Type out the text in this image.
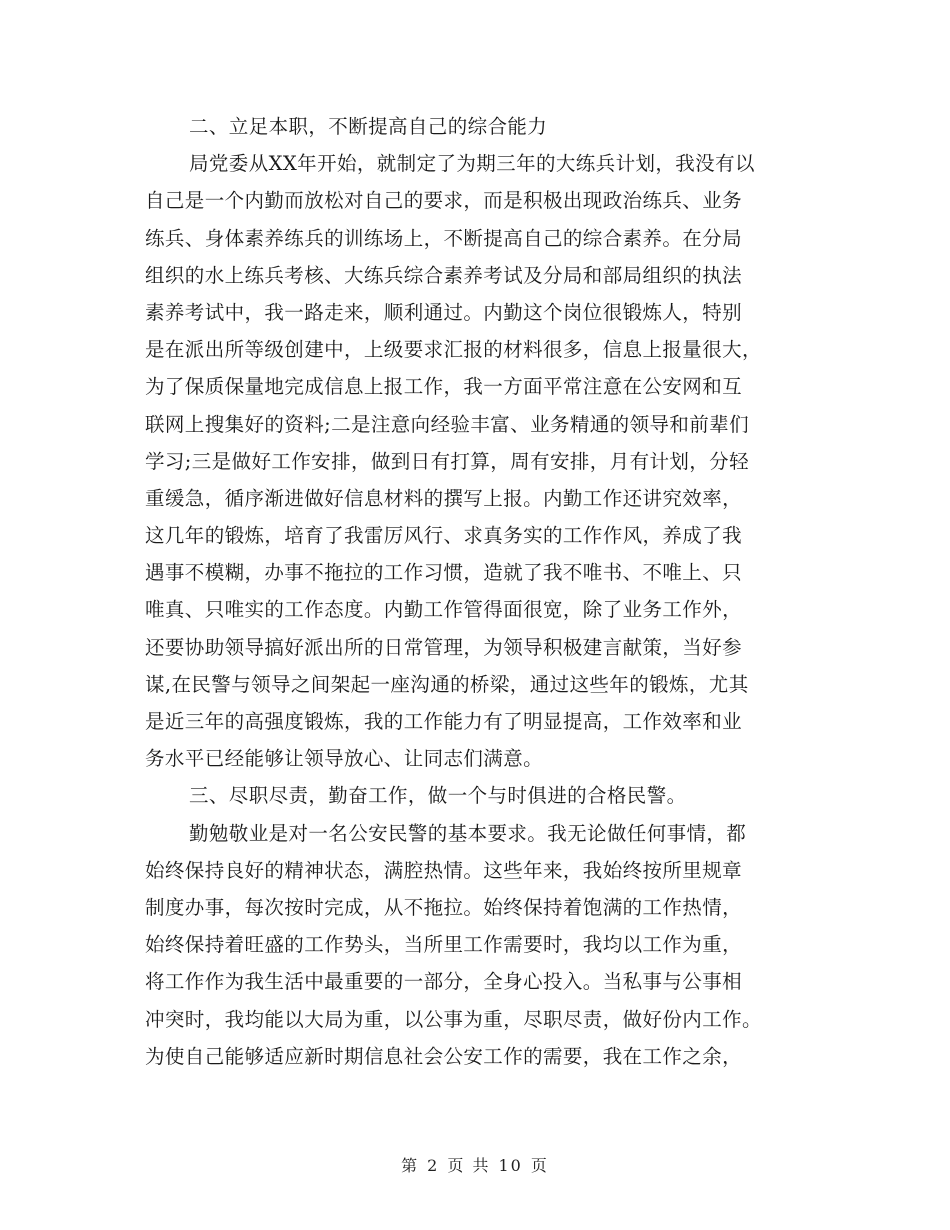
二、立足本职，不断提高自己的综合能力
局党委从XX年开始，就制定了为期三年的大练兵计划，我没有以
自己是一个内勤而放松对自己的要求，而是积极出现政治练兵、业务
练兵、身体素养练兵的训练场上，不断提高自己的综合素养。在分局
组织的水上练兵考核、大练兵综合素养考试及分局和部局组织的执法
素养考试中，我一路走来，顺利通过。内勤这个岗位很锻炼人，特别
是在派出所等级创建中，上级要求汇报的材料很多，信息上报量很大，
为了保质保量地完成信息上报工作，我一方面平常注意在公安网和互
联网上搜集好的资料;二是注意向经验丰富、业务精通的领导和前辈们
学习;三是做好工作安排，做到日有打算，周有安排，月有计划，分轻
重缓急，循序渐进做好信息材料的撰写上报。内勤工作还讲究效率，
这几年的锻炼，培育了我雷厉风行、求真务实的工作作风，养成了我
遇事不模糊，办事不拖拉的工作习惯，造就了我不唯书、不唯上、只
唯真、只唯实的工作态度。内勤工作管得面很宽，除了业务工作外，
还要协助领导搞好派出所的日常管理，为领导积极建言献策，当好参
谋,在民警与领导之间架起一座沟通的桥梁，通过这些年的锻炼，尤其
是近三年的高强度锻炼，我的工作能力有了明显提高，工作效率和业
务水平已经能够让领导放心、让同志们满意。
三、尽职尽责，勤奋工作，做一个与时俱进的合格民警。
勤勉敬业是对一名公安民警的基本要求。我无论做任何事情，都
始终保持良好的精神状态，满腔热情。这些年来，我始终按所里规章
制度办事，每次按时完成，从不拖拉。始终保持着饱满的工作热情，
始终保持着旺盛的工作势头，当所里工作需要时，我均以工作为重，
将工作作为我生活中最重要的一部分，全身心投入。当私事与公事相
冲突时，我均能以大局为重，以公事为重，尽职尽责，做好份内工作。
为使自己能够适应新时期信息社会公安工作的需要，我在工作之余，
第 2 页 共 10 页
